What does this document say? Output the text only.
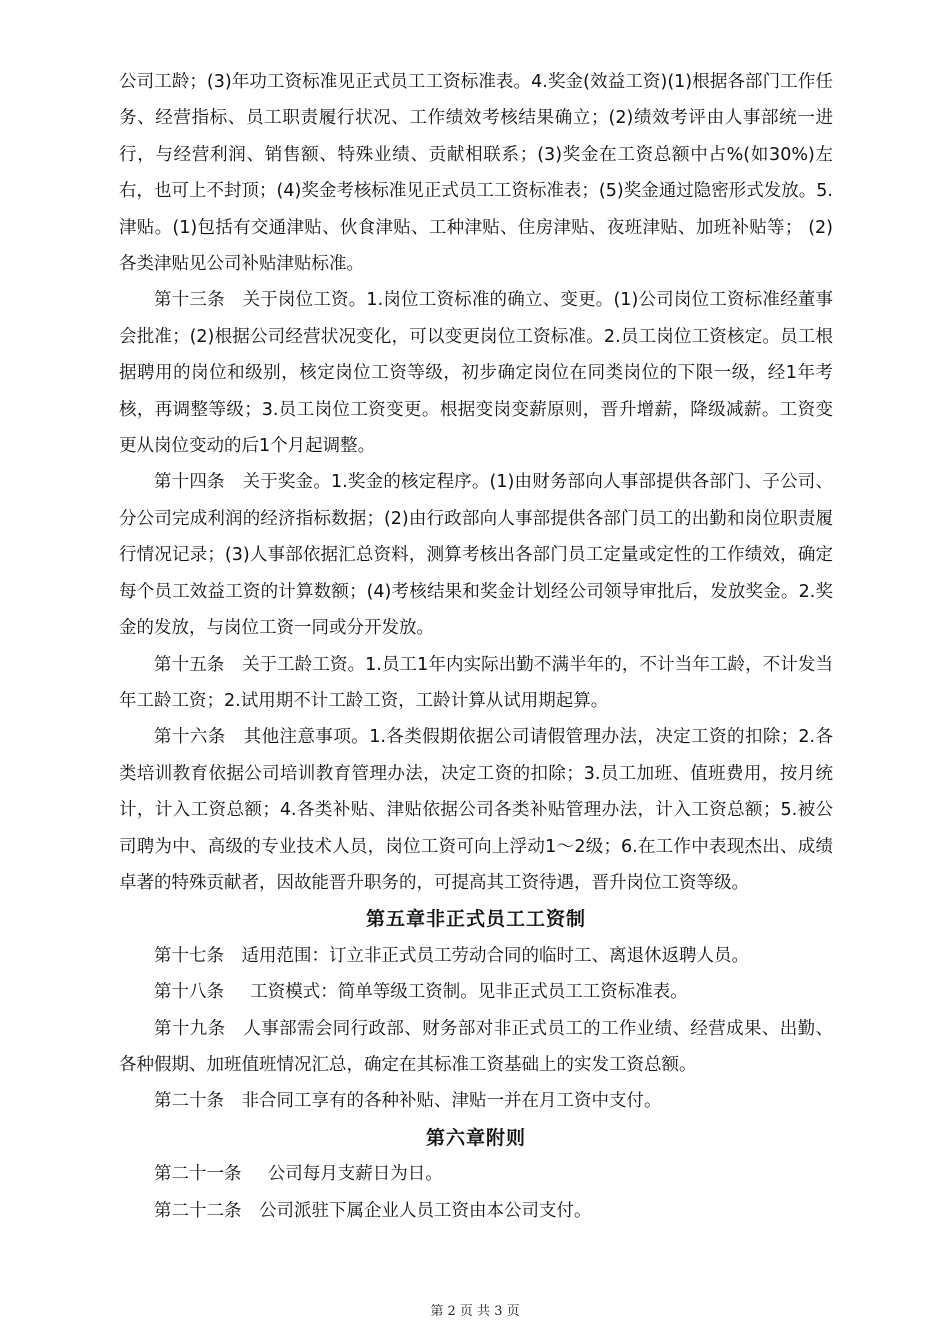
公司工龄；(3)年功工资标准见正式员工工资标准表。4.奖金(效益工资)(1)根据各部门工作任务、经营指标、员工职责履行状况、工作绩效考核结果确立；(2)绩效考评由人事部统一进行，与经营利润、销售额、特殊业绩、贡献相联系；(3)奖金在工资总额中占%(如30%)左右，也可上不封顶；(4)奖金考核标准见正式员工工资标准表；(5)奖金通过隐密形式发放。5.津贴。(1)包括有交通津贴、伙食津贴、工种津贴、住房津贴、夜班津贴、加班补贴等； (2) 各类津贴见公司补贴津贴标准。

第十三条 关于岗位工资。1.岗位工资标准的确立、变更。(1)公司岗位工资标准经董事会批准；(2)根据公司经营状况变化，可以变更岗位工资标准。2.员工岗位工资核定。员工根据聘用的岗位和级别，核定岗位工资等级，初步确定岗位在同类岗位的下限一级，经1年考核，再调整等级；3.员工岗位工资变更。根据变岗变薪原则，晋升增薪，降级减薪。工资变更从岗位变动的后1个月起调整。

第十四条 关于奖金。1.奖金的核定程序。(1)由财务部向人事部提供各部门、子公司、分公司完成利润的经济指标数据；(2)由行政部向人事部提供各部门员工的出勤和岗位职责履行情况记录；(3)人事部依据汇总资料，测算考核出各部门员工定量或定性的工作绩效，确定每个员工效益工资的计算数额；(4)考核结果和奖金计划经公司领导审批后，发放奖金。2.奖金的发放，与岗位工资一同或分开发放。

第十五条 关于工龄工资。1.员工1年内实际出勤不满半年的，不计当年工龄，不计发当年工龄工资；2.试用期不计工龄工资，工龄计算从试用期起算。

第十六条 其他注意事项。1.各类假期依据公司请假管理办法，决定工资的扣除；2.各类培训教育依据公司培训教育管理办法，决定工资的扣除；3.员工加班、值班费用，按月统计，计入工资总额；4.各类补贴、津贴依据公司各类补贴管理办法，计入工资总额；5.被公司聘为中、高级的专业技术人员，岗位工资可向上浮动1～2级；6.在工作中表现杰出、成绩卓著的特殊贡献者，因故能晋升职务的，可提高其工资待遇，晋升岗位工资等级。

第五章非正式员工工资制

第十七条 适用范围：订立非正式员工劳动合同的临时工、离退休返聘人员。

第十八条 工资模式：简单等级工资制。见非正式员工工资标准表。

第十九条 人事部需会同行政部、财务部对非正式员工的工作业绩、经营成果、出勤、各种假期、加班值班情况汇总，确定在其标准工资基础上的实发工资总额。

第二十条 非合同工享有的各种补贴、津贴一并在月工资中支付。

第六章附则

第二十一条 公司每月支薪日为日。

第二十二条 公司派驻下属企业人员工资由本公司支付。

第 2 页 共 3 页
